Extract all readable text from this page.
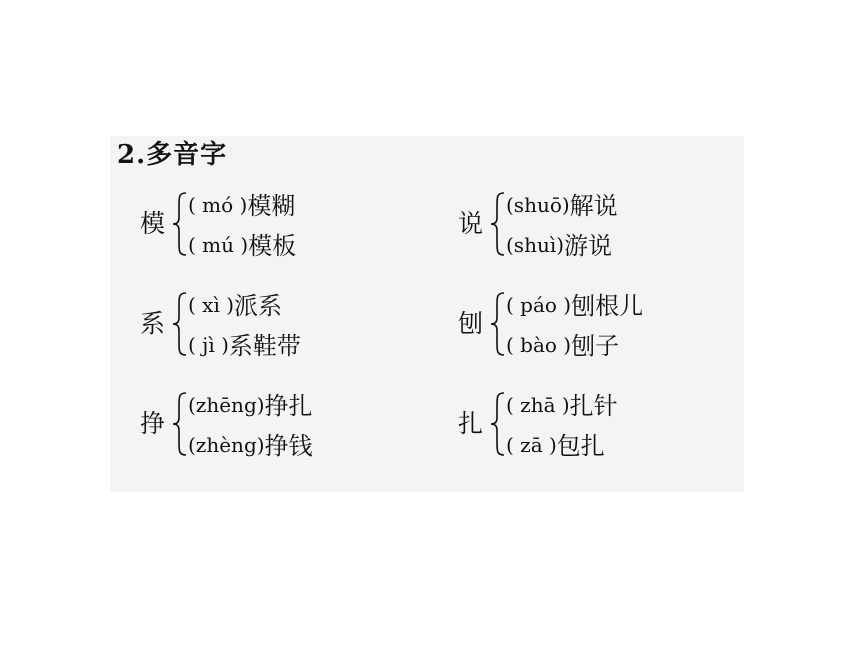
2.多音字
模
( mó )模糊
( mú )模板
系
( xì )派系
( jì )系鞋带
挣
(zhēng)挣扎
(zhèng)挣钱
说
(shuō)解说
(shuì)游说
刨
( páo )刨根儿
( bào )刨子
扎
( zhā )扎针
( zā )包扎
